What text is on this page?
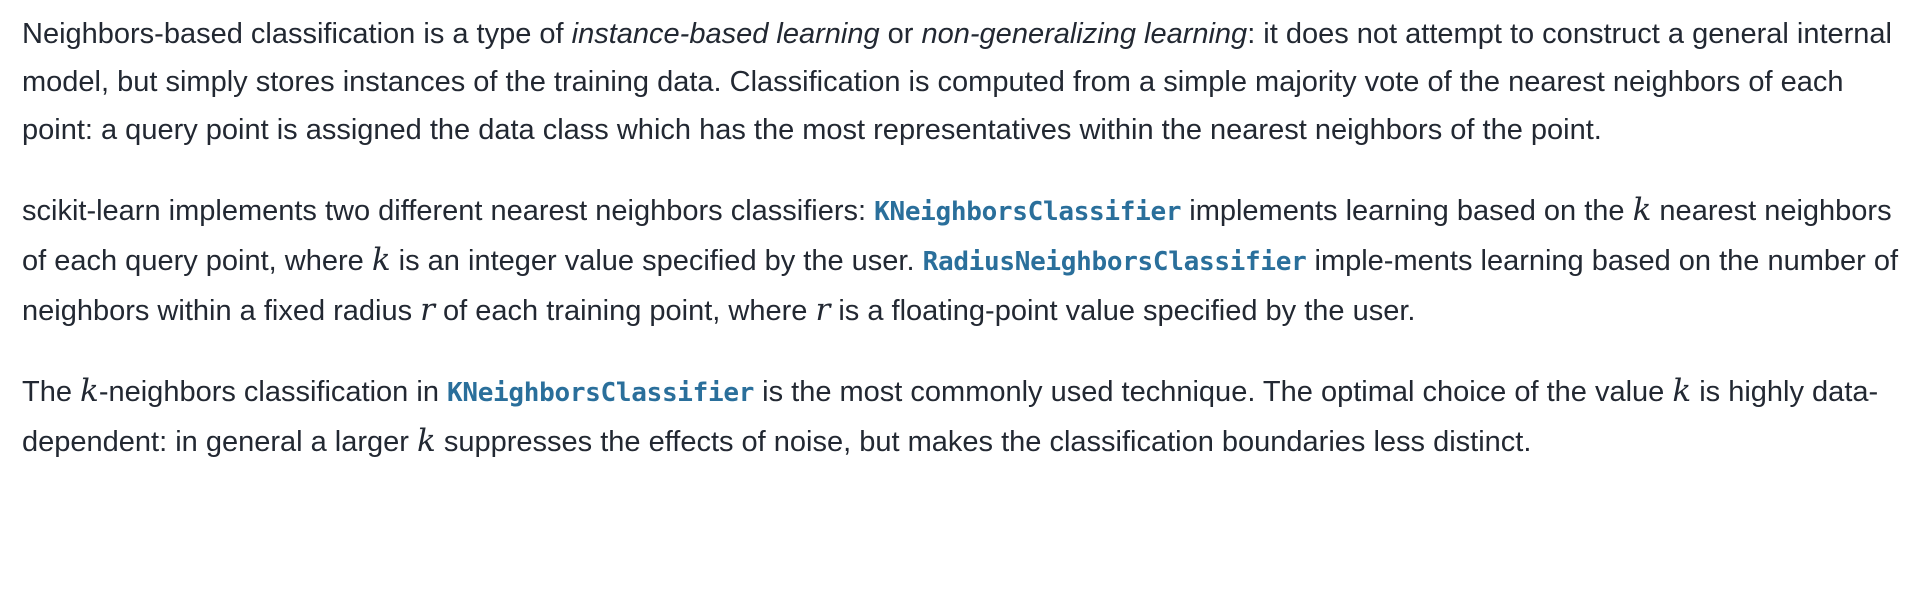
Neighbors-based classification is a type of instance-based learning or non-generalizing learning: it does not attempt to construct a general internal model, but simply stores instances of the training data. Classification is computed from a simple majority vote of the nearest neighbors of each point: a query point is assigned the data class which has the most representatives within the nearest neighbors of the point.

scikit-learn implements two different nearest neighbors classifiers: KNeighborsClassifier implements learning based on the k nearest neighbors of each query point, where k is an integer value specified by the user. RadiusNeighborsClassifier imple-ments learning based on the number of neighbors within a fixed radius r of each training point, where r is a floating-point value specified by the user.

The k-neighbors classification in KNeighborsClassifier is the most commonly used technique. The optimal choice of the value k is highly data-dependent: in general a larger k suppresses the effects of noise, but makes the classification boundaries less distinct.
